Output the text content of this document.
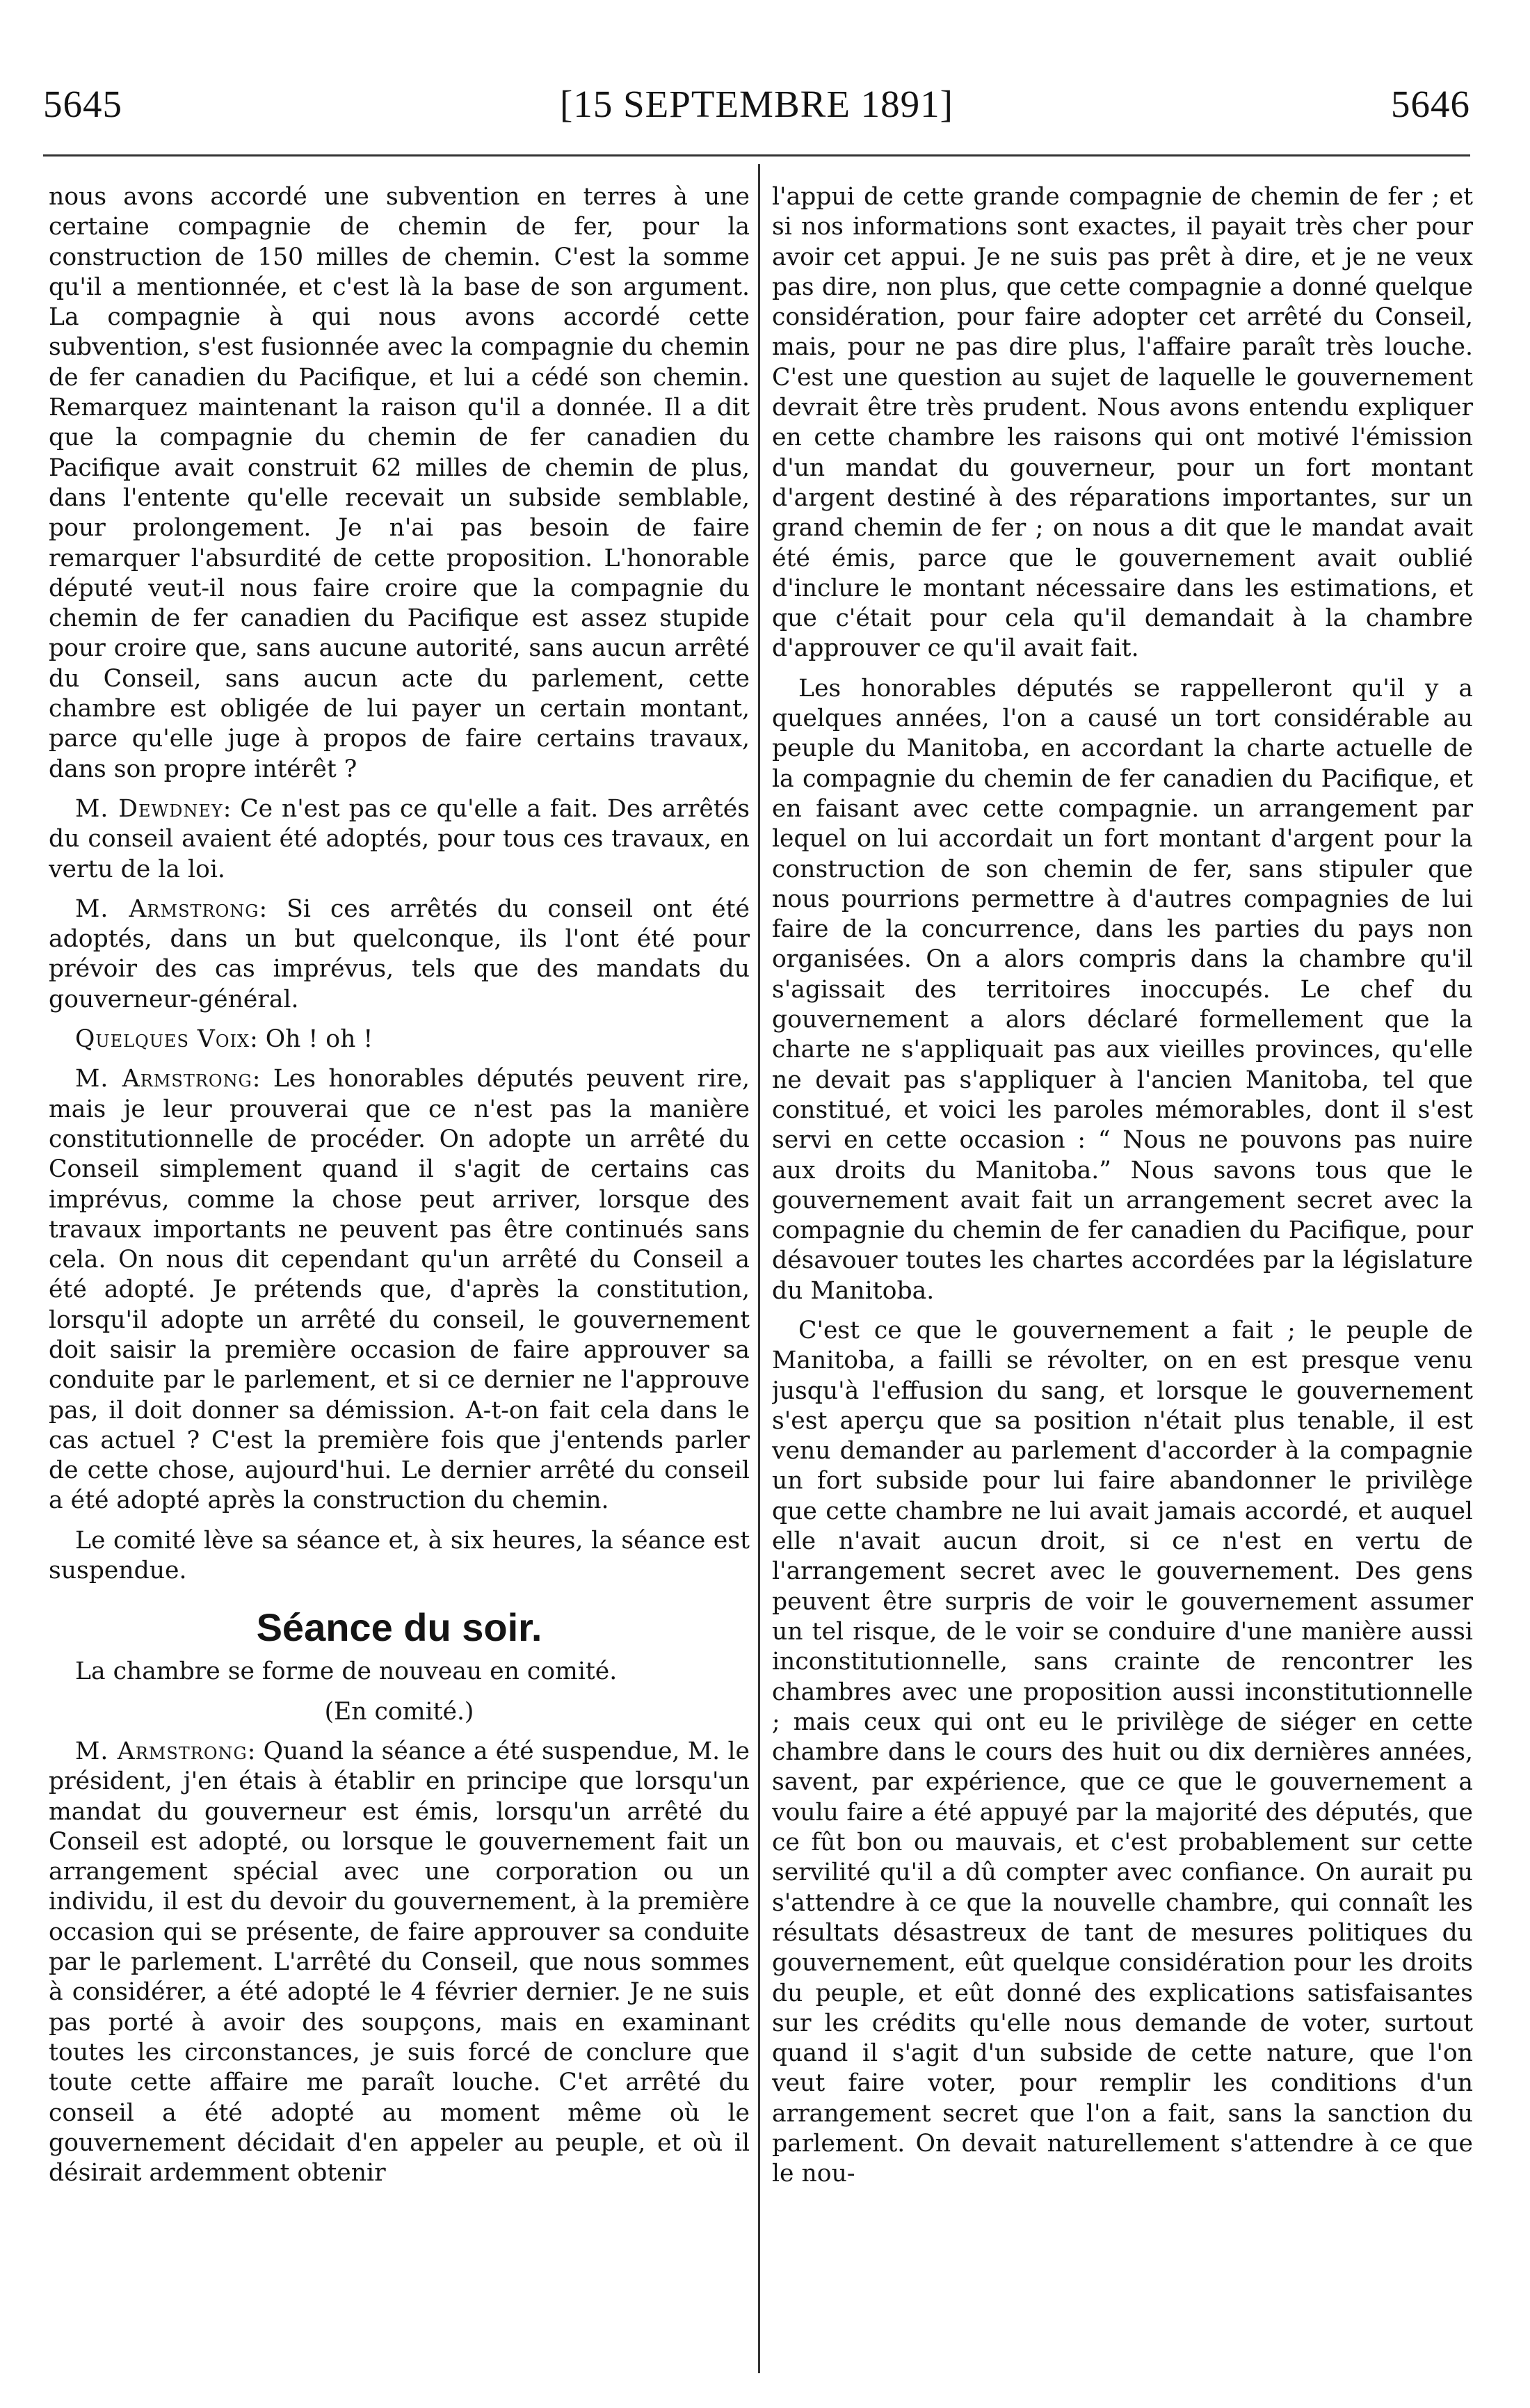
5645	[15 SEPTEMBRE 1891]	5646

nous avons accordé une subvention en terres à une certaine compagnie de chemin de fer, pour la construction de 150 milles de chemin. C'est la somme qu'il a mentionnée, et c'est là la base de son argument. La compagnie à qui nous avons accordé cette subvention, s'est fusionnée avec la compagnie du chemin de fer canadien du Pacifique, et lui a cédé son chemin. Remarquez maintenant la raison qu'il a donnée. Il a dit que la compagnie du chemin de fer canadien du Pacifique avait construit 62 milles de chemin de plus, dans l'entente qu'elle recevait un subside semblable, pour prolongement. Je n'ai pas besoin de faire remarquer l'absurdité de cette proposition. L'honorable député veut-il nous faire croire que la compagnie du chemin de fer canadien du Pacifique est assez stupide pour croire que, sans aucune autorité, sans aucun arrêté du Conseil, sans aucun acte du parlement, cette chambre est obligée de lui payer un certain montant, parce qu'elle juge à propos de faire certains travaux, dans son propre intérêt ?

M. Dewdney: Ce n'est pas ce qu'elle a fait. Des arrêtés du conseil avaient été adoptés, pour tous ces travaux, en vertu de la loi.

M. Armstrong: Si ces arrêtés du conseil ont été adoptés, dans un but quelconque, ils l'ont été pour prévoir des cas imprévus, tels que des mandats du gouverneur-général.

Quelques Voix: Oh ! oh !

M. Armstrong: Les honorables députés peuvent rire, mais je leur prouverai que ce n'est pas la manière constitutionnelle de procéder. On adopte un arrêté du Conseil simplement quand il s'agit de certains cas imprévus, comme la chose peut arriver, lorsque des travaux importants ne peuvent pas être continués sans cela. On nous dit cependant qu'un arrêté du Conseil a été adopté. Je prétends que, d'après la constitution, lorsqu'il adopte un arrêté du conseil, le gouvernement doit saisir la première occasion de faire approuver sa conduite par le parlement, et si ce dernier ne l'approuve pas, il doit donner sa démission. A-t-on fait cela dans le cas actuel ? C'est la première fois que j'entends parler de cette chose, aujourd'hui. Le dernier arrêté du conseil a été adopté après la construction du chemin.

Le comité lève sa séance et, à six heures, la séance est suspendue.

Séance du soir.

La chambre se forme de nouveau en comité.

(En comité.)

M. Armstrong: Quand la séance a été suspendue, M. le président, j'en étais à établir en principe que lorsqu'un mandat du gouverneur est émis, lorsqu'un arrêté du Conseil est adopté, ou lorsque le gouvernement fait un arrangement spécial avec une corporation ou un individu, il est du devoir du gouvernement, à la première occasion qui se présente, de faire approuver sa conduite par le parlement. L'arrêté du Conseil, que nous sommes à considérer, a été adopté le 4 février dernier. Je ne suis pas porté à avoir des soupçons, mais en examinant toutes les circonstances, je suis forcé de conclure que toute cette affaire me paraît louche. C'et arrêté du conseil a été adopté au moment même où le gouvernement décidait d'en appeler au peuple, et où il désirait ardemment obtenir

l'appui de cette grande compagnie de chemin de fer ; et si nos informations sont exactes, il payait très cher pour avoir cet appui. Je ne suis pas prêt à dire, et je ne veux pas dire, non plus, que cette compagnie a donné quelque considération, pour faire adopter cet arrêté du Conseil, mais, pour ne pas dire plus, l'affaire paraît très louche. C'est une question au sujet de laquelle le gouvernement devrait être très prudent. Nous avons entendu expliquer en cette chambre les raisons qui ont motivé l'émission d'un mandat du gouverneur, pour un fort montant d'argent destiné à des réparations importantes, sur un grand chemin de fer ; on nous a dit que le mandat avait été émis, parce que le gouvernement avait oublié d'inclure le montant nécessaire dans les estimations, et que c'était pour cela qu'il demandait à la chambre d'approuver ce qu'il avait fait.

Les honorables députés se rappelleront qu'il y a quelques années, l'on a causé un tort considérable au peuple du Manitoba, en accordant la charte actuelle de la compagnie du chemin de fer canadien du Pacifique, et en faisant avec cette compagnie. un arrangement par lequel on lui accordait un fort montant d'argent pour la construction de son chemin de fer, sans stipuler que nous pourrions permettre à d'autres compagnies de lui faire de la concurrence, dans les parties du pays non organisées. On a alors compris dans la chambre qu'il s'agissait des territoires inoccupés. Le chef du gouvernement a alors déclaré formellement que la charte ne s'appliquait pas aux vieilles provinces, qu'elle ne devait pas s'appliquer à l'ancien Manitoba, tel que constitué, et voici les paroles mémorables, dont il s'est servi en cette occasion : “ Nous ne pouvons pas nuire aux droits du Manitoba.” Nous savons tous que le gouvernement avait fait un arrangement secret avec la compagnie du chemin de fer canadien du Pacifique, pour désavouer toutes les chartes accordées par la législature du Manitoba.

C'est ce que le gouvernement a fait ; le peuple de Manitoba, a failli se révolter, on en est presque venu jusqu'à l'effusion du sang, et lorsque le gouvernement s'est aperçu que sa position n'était plus tenable, il est venu demander au parlement d'accorder à la compagnie un fort subside pour lui faire abandonner le privilège que cette chambre ne lui avait jamais accordé, et auquel elle n'avait aucun droit, si ce n'est en vertu de l'arrangement secret avec le gouvernement. Des gens peuvent être surpris de voir le gouvernement assumer un tel risque, de le voir se conduire d'une manière aussi inconstitutionnelle, sans crainte de rencontrer les chambres avec une proposition aussi inconstitutionnelle ; mais ceux qui ont eu le privilège de siéger en cette chambre dans le cours des huit ou dix dernières années, savent, par expérience, que ce que le gouvernement a voulu faire a été appuyé par la majorité des députés, que ce fût bon ou mauvais, et c'est probablement sur cette servilité qu'il a dû compter avec confiance. On aurait pu s'attendre à ce que la nouvelle chambre, qui connaît les résultats désastreux de tant de mesures politiques du gouvernement, eût quelque considération pour les droits du peuple, et eût donné des explications satisfaisantes sur les crédits qu'elle nous demande de voter, surtout quand il s'agit d'un subside de cette nature, que l'on veut faire voter, pour remplir les conditions d'un arrangement secret que l'on a fait, sans la sanction du parlement. On devait naturellement s'attendre à ce que le nou-
